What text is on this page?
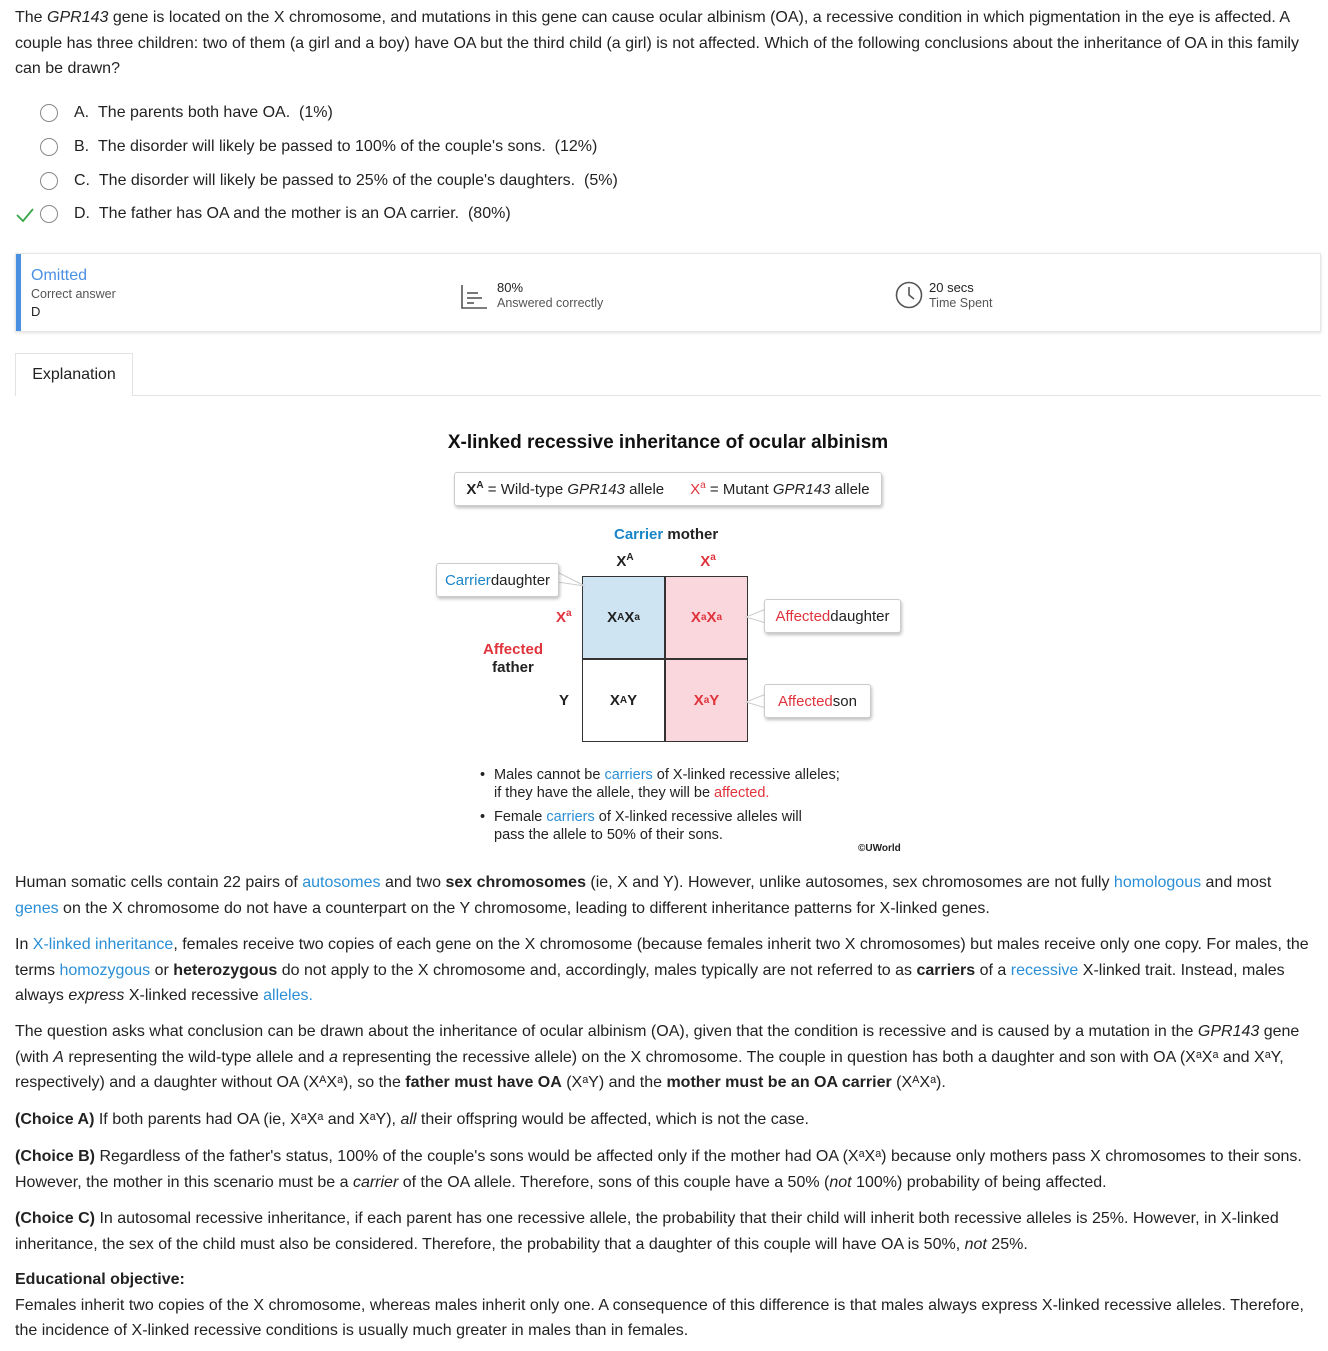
The GPR143 gene is located on the X chromosome, and mutations in this gene can cause ocular albinism (OA), a recessive condition in which pigmentation in the eye is affected. A couple has three children: two of them (a girl and a boy) have OA but the third child (a girl) is not affected. Which of the following conclusions about the inheritance of OA in this family can be drawn?
A.
The parents both have OA.
(1%)
B.
The disorder will likely be passed to 100% of the couple's sons.
(12%)
C.
The disorder will likely be passed to 25% of the couple's daughters.
(5%)
D.
The father has OA and the mother is an OA carrier.
(80%)
Omitted
Correct answer
D
80%
Answered correctly
20 secs
Time Spent
Explanation
X-linked recessive inheritance of ocular albinism
$X^A$ = Wild-type GPR143 allele $X^a = Mutant$ GPR143 allele
Carrier mother
$X^A$	$X^a$
$X^a$
Y
Affected
father
X A X a	X a X a
X A Y	X a Y
Carrier daughter
Affected daughter
Affected son
• Males cannot be carriers of X-linked recessive alleles;
if they have the allele, they will be affected.
• Female carriers of X-linked recessive alleles will
pass the allele to 50% of their sons.
©UWorld

Human somatic cells contain 22 pairs of autosomes and two sex chromosomes (ie, X and Y). However, unlike autosomes, sex chromosomes are not fully homologous and most genes on the X chromosome do not have a counterpart on the Y chromosome, leading to different inheritance patterns for X-linked genes.

In X-linked inheritance, females receive two copies of each gene on the X chromosome (because females inherit two X chromosomes) but males receive only one copy. For males, the terms homozygous or heterozygous do not apply to the X chromosome and, accordingly, males typically are not referred to as carriers of a recessive X-linked trait. Instead, males always express X-linked recessive alleles.

The question asks what conclusion can be drawn about the inheritance of ocular albinism (OA), given that the condition is recessive and is caused by a mutation in the GPR143 gene (with A representing the wild-type allele and a representing the recessive allele) on the X chromosome. The couple in question has both a daughter and son with OA (XᵃXᵃ and XᵃY, respectively) and a daughter without OA (XᴬXᵃ), so the father must have OA (XᵃY) and the mother must be an OA carrier (XᴬXᵃ).

(Choice A) If both parents had OA (ie, XᵃXᵃ and XᵃY), all their offspring would be affected, which is not the case.

(Choice B) Regardless of the father's status, 100% of the couple's sons would be affected only if the mother had OA (XᵃXᵃ) because only mothers pass X chromosomes to their sons. However, the mother in this scenario must be a carrier of the OA allele. Therefore, sons of this couple have a 50% (not 100%) probability of being affected.

(Choice C) In autosomal recessive inheritance, if each parent has one recessive allele, the probability that their child will inherit both recessive alleles is 25%. However, in X-linked inheritance, the sex of the child must also be considered. Therefore, the probability that a daughter of this couple will have OA is 50%, not 25%.

Educational objective:

Females inherit two copies of the X chromosome, whereas males inherit only one. A consequence of this difference is that males always express X-linked recessive alleles. Therefore, the incidence of X-linked recessive conditions is usually much greater in males than in females.
